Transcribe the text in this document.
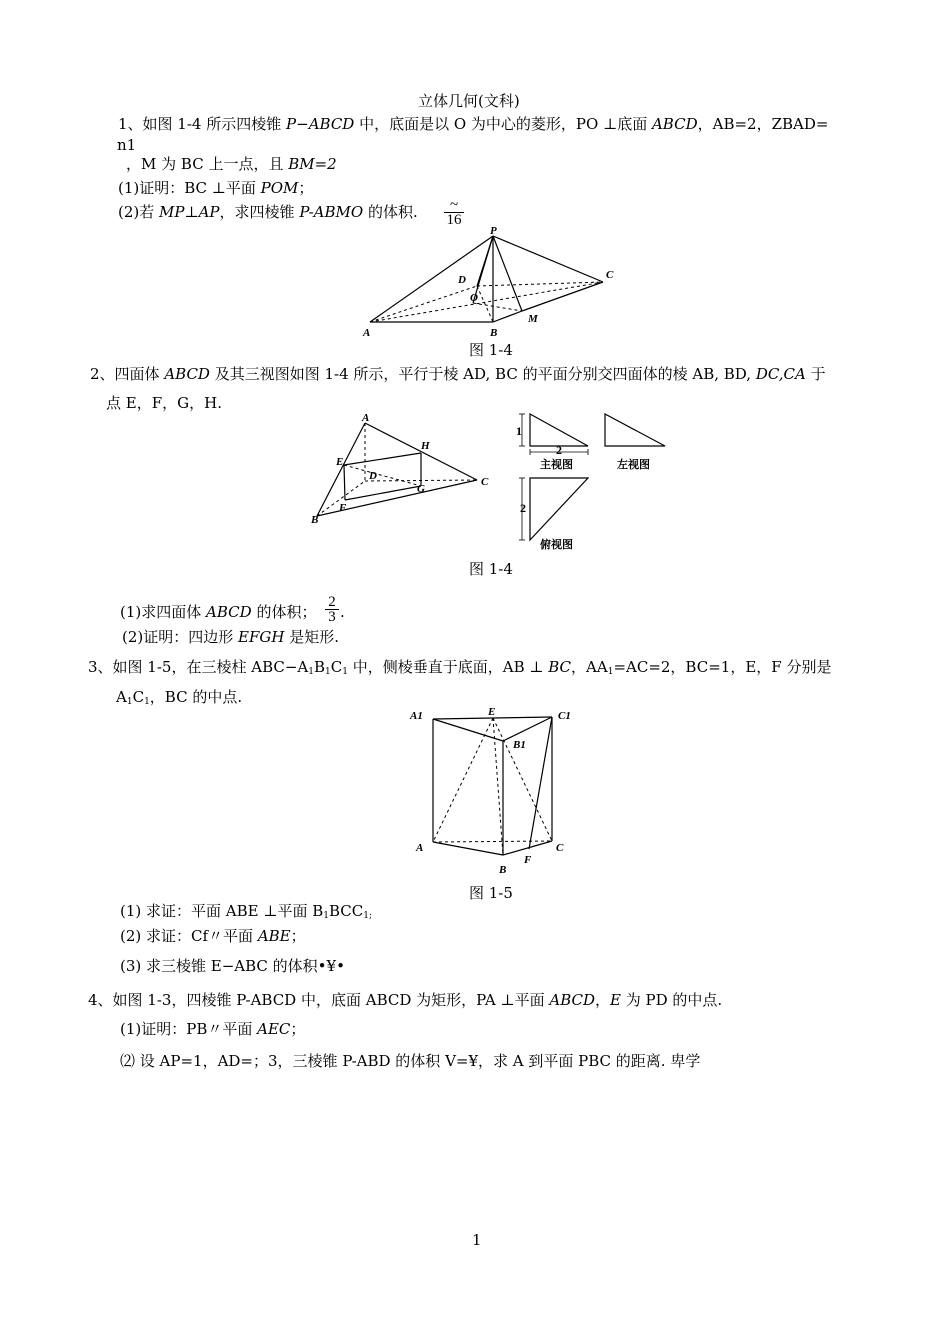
立体几何(文科)
1、如图 1-4 所示四棱锥 P−ABCD 中，底面是以 O 为中心的菱形，PO ⊥底面 ABCD，AB=2，ZBAD=
n1
，M 为 BC 上一点，且 BM=2
(1)证明：BC ⊥平面 POM；
(2)若 MP⊥AP，求四棱锥 P-ABMO 的体积.	~
16
P
C
D
O
A	B
M
图 1-4
2、四面体 ABCD 及其三视图如图 1-4 所示，平行于棱 AD, BC 的平面分别交四面体的棱 AB, BD, DC,CA 于
点 E，F，G，H.
A
H
E
D
G
C
B
F
1
2
主视图	左视图
2
俯视图
图 1-4
(1)求四面体 ABCD 的体积； $\frac{2}{3}$ .
(2)证明：四边形 EFGH 是矩形.
3、如图 1-5，在三棱柱 $ABC-A_1B_1C_1$ 中，侧棱垂直于底面，AB ⊥ BC，$AA_1=AC=2$，BC=1，E，F 分别是
$A_1C_1$，BC 的中点.
A1	E	C1
B1
A	C
F
B
图 1-5
(1) 求证：平面 ABE ⊥平面 $B_1BCC_{1;}$
(2) 求证：Cf〃平面 ABE；
(3) 求三棱锥 E−ABC 的体积•¥•
4、如图 1-3，四棱锥 P-ABCD 中，底面 ABCD 为矩形，PA ⊥平面 ABCD，E 为 PD 的中点.
(1)证明：PB〃平面 AEC；
⑵ 设 AP=1，AD=；3，三棱锥 P-ABD 的体积 V=¥，求 A 到平面 PBC 的距离. 卑学
1
